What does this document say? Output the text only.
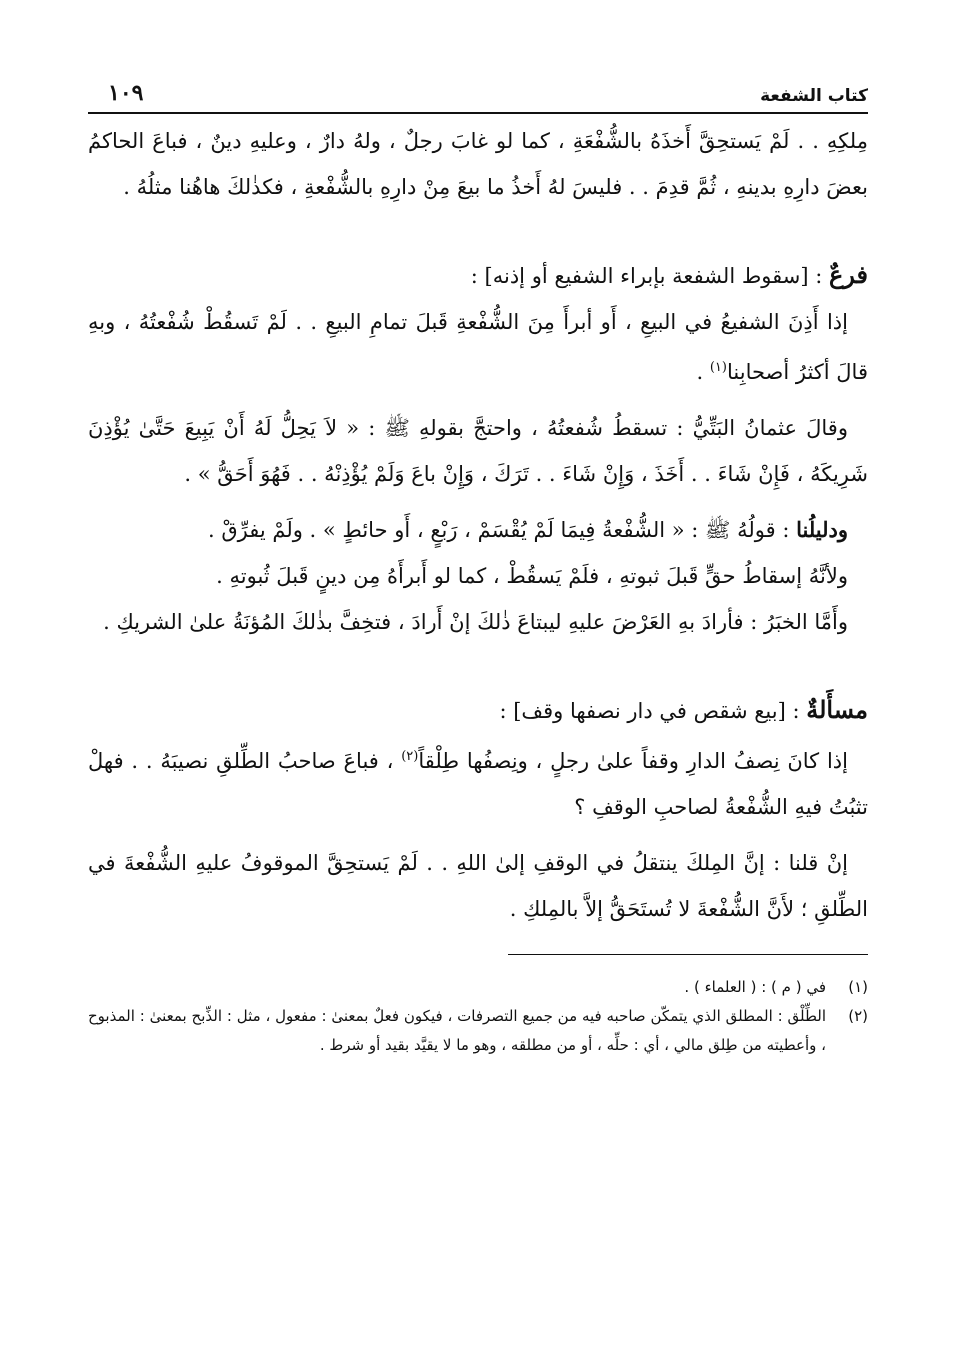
كتاب الشفعة
١٠٩

مِلكِهِ . . لَمْ يَستحِقَّ أَخذَهُ بالشُّفْعَةِ ، كما لو غابَ رجلٌ ، ولهُ دارٌ ، وعليهِ دينٌ ، فباعَ الحاكمُ بعضَ دارِهِ بدينهِ ، ثُمَّ قدِمَ . . فليسَ لهُ أَخذُ ما بيعَ مِنْ دارِهِ بالشُّفْعةِ ، فكذٰلكَ هاهُنا مثلُهُ .

فرعٌ : [سقوط الشفعة بإبراء الشفيع أو إذنه] :

إذا أَذِنَ الشفيعُ في البيعِ ، أَو أبرأَ مِنَ الشُّفْعةِ قَبلَ تمامِ البيعِ . . لَمْ تَسقُطْ شُفْعتُهُ ، وبهِ قالَ أكثرُ أصحابِنا$^{(١)}$ .

وقالَ عثمانُ البَتِّيُّ : تسقطُ شُفعتُهُ ، واحتجَّ بقولهِ ﷺ : « لاَ يَحِلُّ لَهُ أَنْ يَبِيعَ حَتَّىٰ يُؤْذِنَ شَرِيكَهُ ، فَإِنْ شَاءَ . . أَخَذَ ، وَإِنْ شَاءَ . . تَرَكَ ، وَإِنْ باعَ وَلَمْ يُؤْذِنْهُ . . فَهُوَ أَحَقُّ » .

ودليلُنا : قولُهُ ﷺ : « الشُّفْعةُ فِيمَا لَمْ يُقْسَمْ ، رَبْعٍ ، أَو حائطٍ » . ولَمْ يفرِّقْ .

ولأنَّهُ إسقاطُ حقٍّ قَبلَ ثبوتهِ ، فلَمْ يَسقُطْ ، كما لو أَبرأَهُ مِن دينٍ قَبلَ ثُبوتهِ .

وأَمَّا الخبَرُ : فأرادَ بهِ العَرْضَ عليهِ ليبتاعَ ذٰلكَ إنْ أَرادَ ، فتخِفَّ بذٰلكَ المُؤنَةُ علىٰ الشريكِ .

مسأَلةٌ : [بيع شقص في دار نصفها وقف] :

إذا كانَ نِصفُ الدارِ وقفاً علىٰ رجلٍ ، ونِصفُها طِلْقاً$^{(٢)}$ ، فباعَ صاحبُ الطِّلقِ نصيبَهُ . . فهلْ تثبُتُ فيهِ الشُّفْعةُ لصاحبِ الوقفِ ؟

إنْ قلنا : إنَّ المِلكَ ينتقلُ في الوقفِ إلىٰ اللهِ . . لَمْ يَستحِقَّ الموقوفُ عليهِ الشُّفْعةَ في الطِّلقِ ؛ لأَنَّ الشُّفْعةَ لا تُستَحَقُّ إلاَّ بالمِلكِ .

(١)
في ( م ) : ( العلماء ) .

(٢)
الطِّلْق : المطلق الذي يتمكّن صاحبه فيه من جميع التصرفات ، فيكون فعلٌ بمعنىٰ : مفعول ، مثل : الذِّبح بمعنىٰ : المذبوح ، وأعطيته من طِلق مالي ، أي : حلِّه ، أو من مطلقه ، وهو ما لا يقيَّد بقيد أو شرط .
